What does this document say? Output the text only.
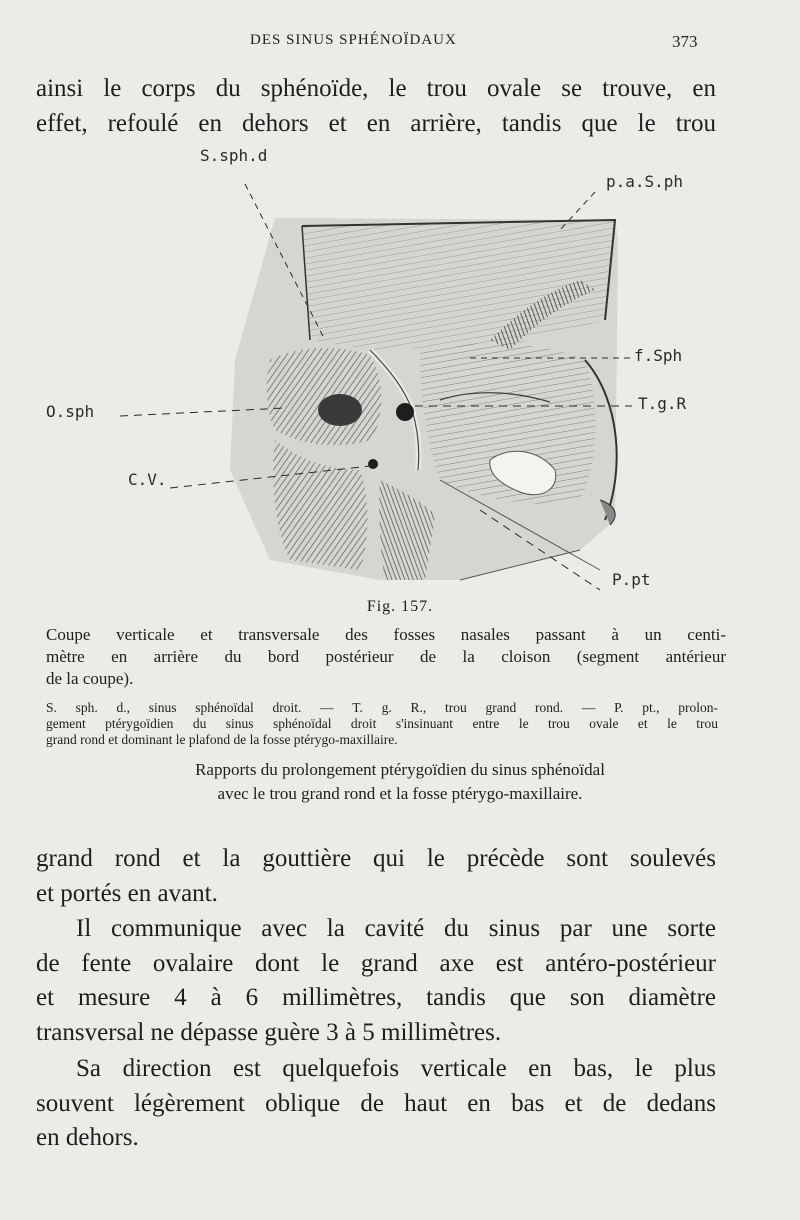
DES SINUS SPHÉNOÏDAUX	373
ainsi le corps du sphénoïde, le trou ovale se trouve, en
effet, refoulé en dehors et en arrière, tandis que le trou
S.sph.d
p.a.S.ph
f.Sph
O.sph	T.g.R
C.V.
P.pt
Fig. 157.
Coupe verticale et transversale des fosses nasales passant à un centi-
mètre en arrière du bord postérieur de la cloison (segment antérieur
de la coupe).
S. sph. d., sinus sphénoïdal droit. — T. g. R., trou grand rond. — P. pt., prolon-
gement ptérygoïdien du sinus sphénoïdal droit s'insinuant entre le trou ovale et le trou
grand rond et dominant le plafond de la fosse ptérygo-maxillaire.
Rapports du prolongement ptérygoïdien du sinus sphénoïdal
avec le trou grand rond et la fosse ptérygo-maxillaire.
grand rond et la gouttière qui le précède sont soulevés
et portés en avant.
Il communique avec la cavité du sinus par une sorte
de fente ovalaire dont le grand axe est antéro-postérieur
et mesure 4 à 6 millimètres, tandis que son diamètre
transversal ne dépasse guère 3 à 5 millimètres.
Sa direction est quelquefois verticale en bas, le plus
souvent légèrement oblique de haut en bas et de dedans
en dehors.
